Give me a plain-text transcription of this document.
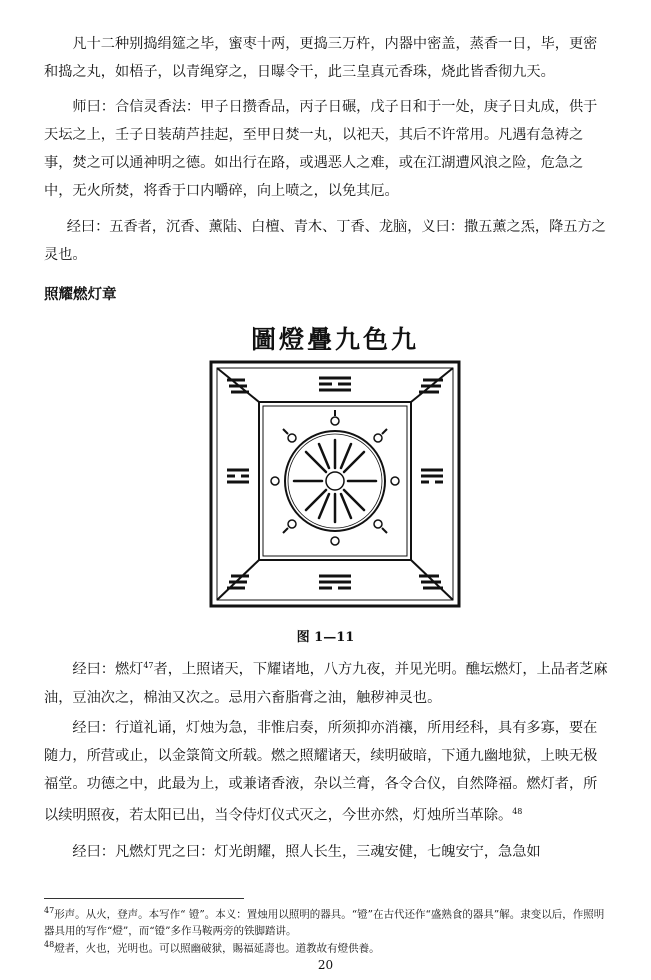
凡十二种别捣绢筵之毕，蜜枣十两，更捣三万杵，内器中密盖，蒸香一日，毕，更密和捣之丸，如梧子，以青绳穿之，日曝令干，此三皇真元香珠，烧此皆香彻九天。

师曰：合信灵香法：甲子日攒香品，丙子日碾，戊子日和于一处，庚子日丸成，供于天坛之上，壬子日装葫芦挂起，至甲日焚一丸，以祀天，其后不许常用。凡遇有急祷之事，焚之可以通神明之德。如出行在路，或遇恶人之难，或在江湖遭风浪之险，危急之中，无火所焚，将香于口内嚼碎，向上喷之，以免其厄。

经曰：五香者，沉香、薰陆、白檀、青木、丁香、龙脑，义曰：撒五薰之炁，降五方之灵也。

照耀燃灯章
圖燈疊九色九
图 1—11

经曰：燃灯$^{47}$者，上照诸天，下耀诸地，八方九夜，并见光明。醮坛燃灯，上品者芝麻油，豆油次之，棉油又次之。忌用六畜脂膏之油，触秽神灵也。

经曰：行道礼诵，灯烛为急，非惟启奏，所须抑亦消禳，所用经科，具有多寡，要在随力，所营或止，以金箓简文所载。燃之照耀诸天，续明破暗，下通九幽地狱，上映无极福堂。功德之中，此最为上，或兼诸香液，杂以兰膏，各令合仪，自然降福。燃灯者，所以续明照夜，若太阳已出，当令侍灯仪式灭之，今世亦然，灯烛所当革除。$^{48}$

经曰：凡燃灯咒之曰：灯光朗耀，照人长生，三魂安健，七魄安宁，急急如

$^{47}$形声。从火，登声。本写作“ 镫”。本义：置烛用以照明的器具。“镫”在古代还作“盛熟食的器具”解。隶变以后，作照明器具用的写作“燈”，而“镫”多作马鞍两旁的铁脚踏讲。

$^{48}$燈者，火也，光明也。可以照幽破狱，賜福延壽也。道教故有燈供養。

20
